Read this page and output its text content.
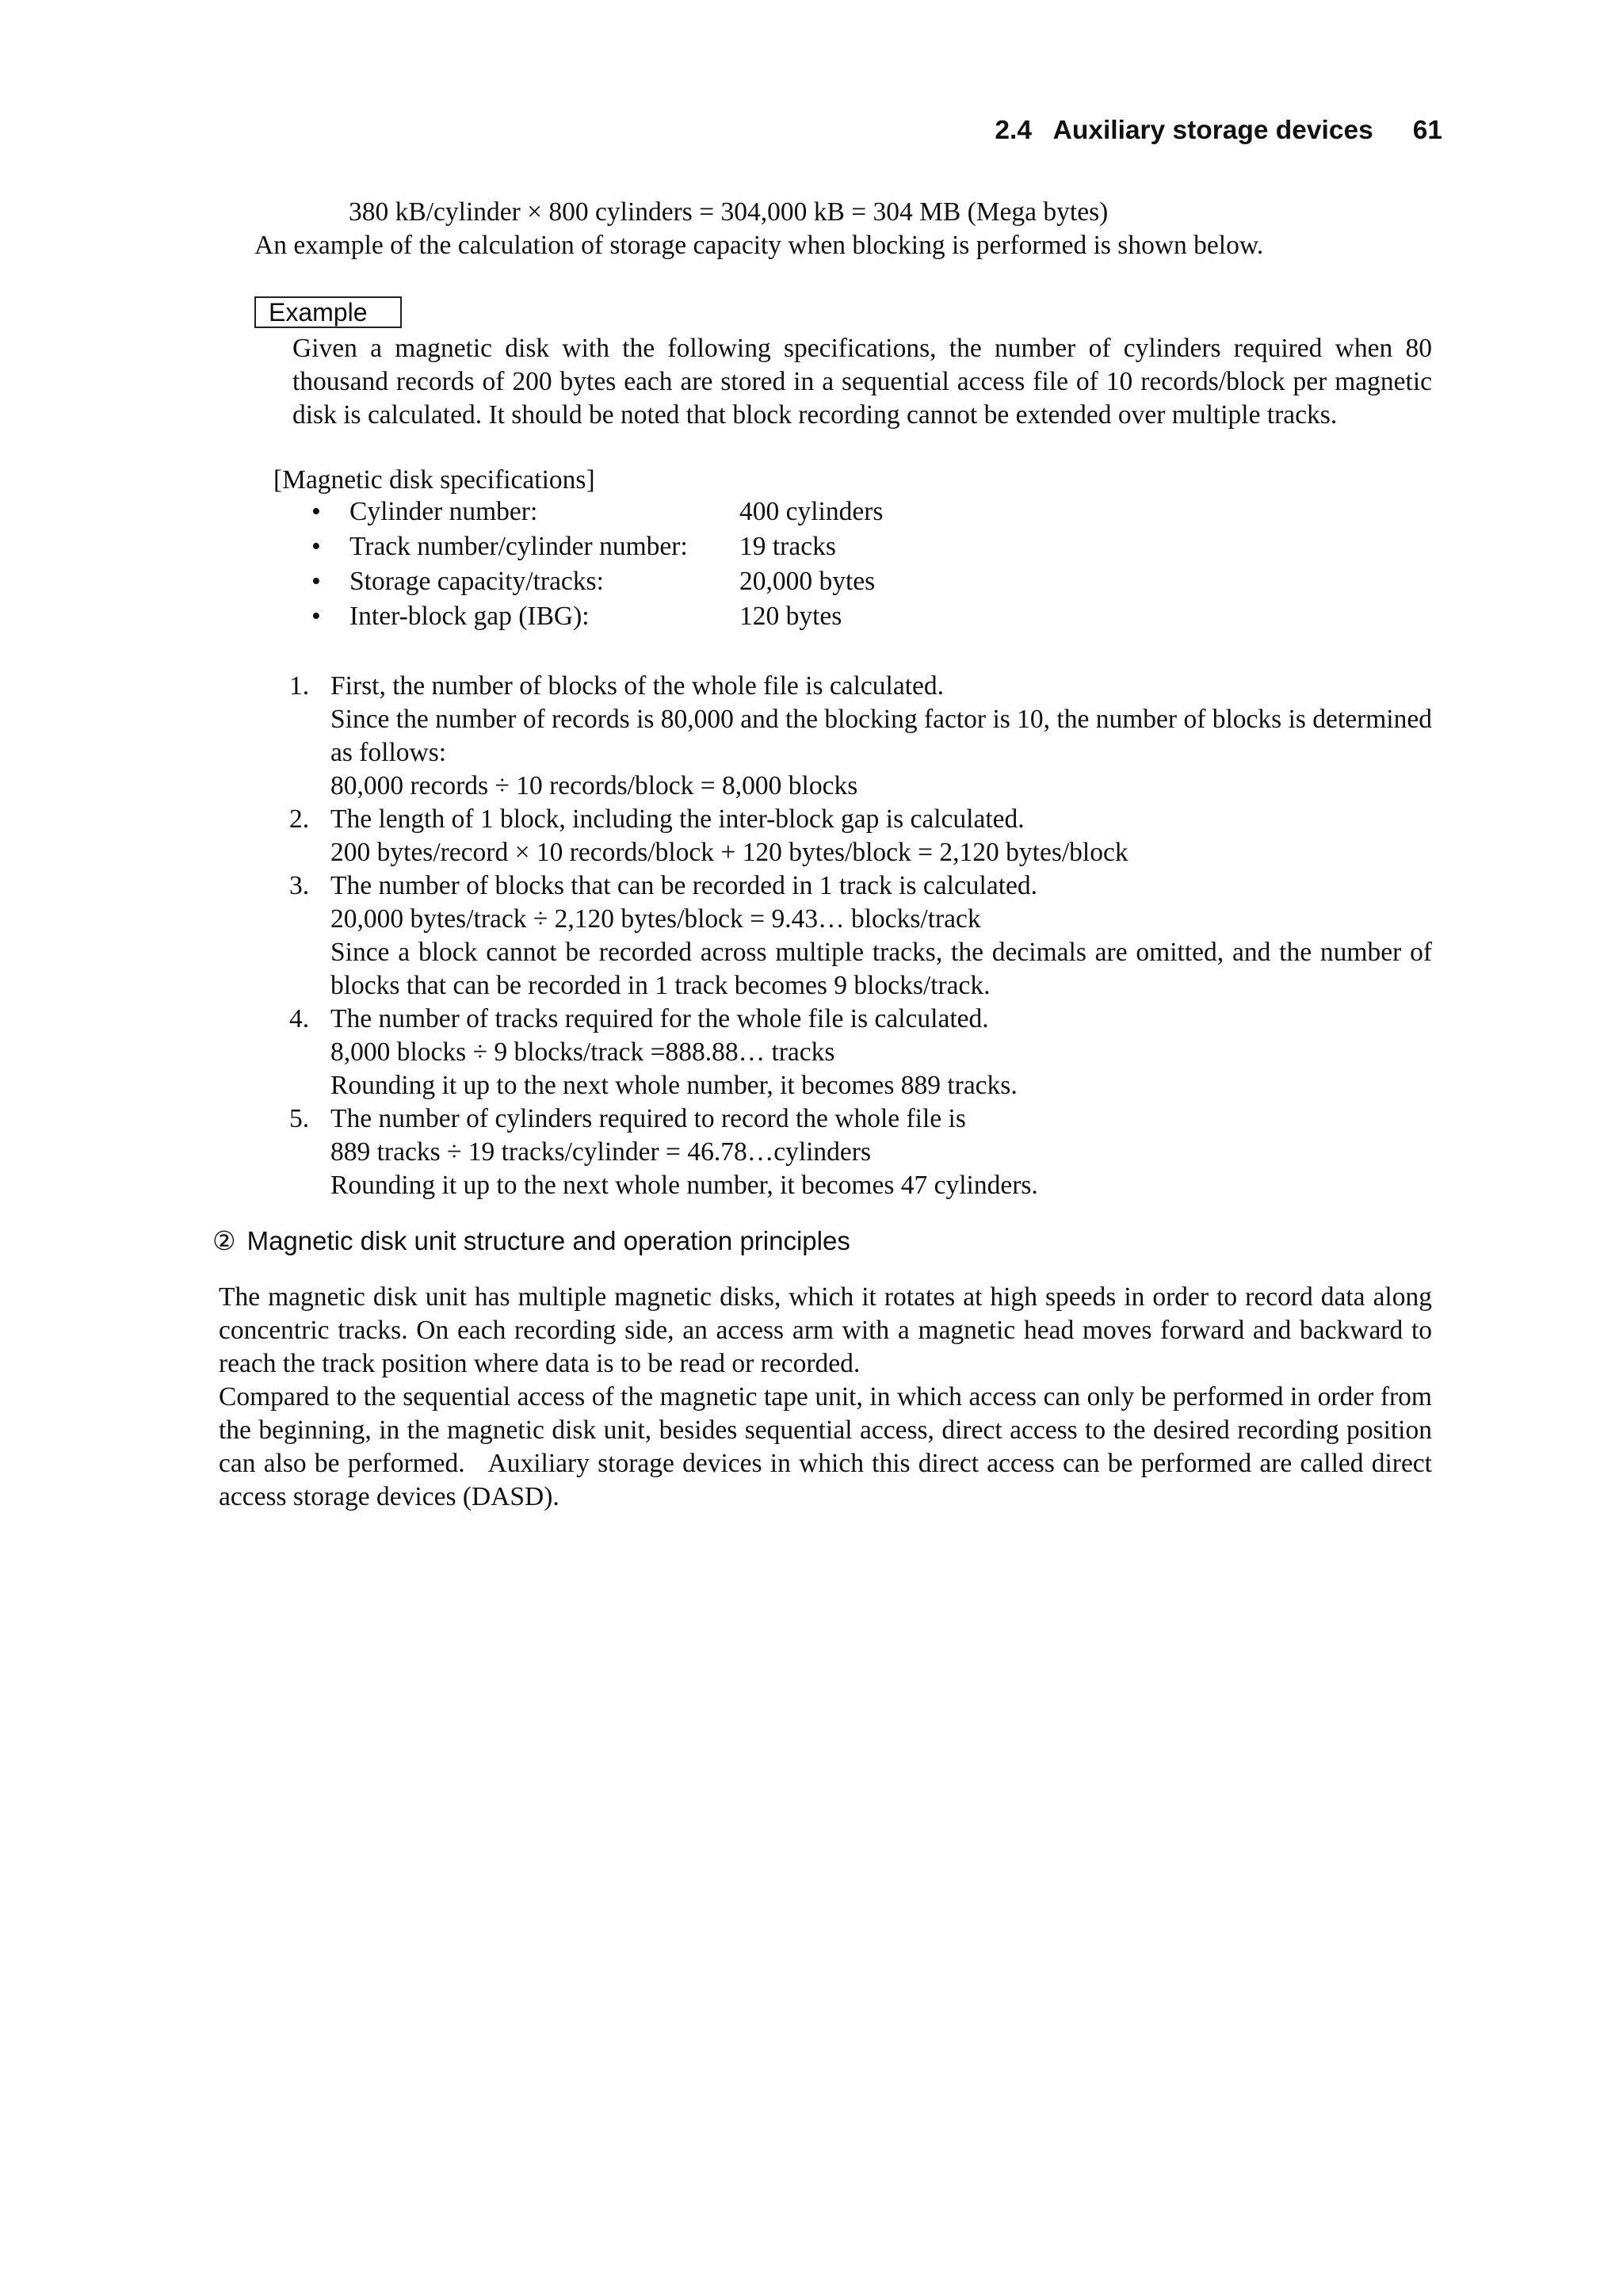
2.4   Auxiliary storage devices 61
380 kB/cylinder × 800 cylinders = 304,000 kB = 304 MB (Mega bytes)
An example of the calculation of storage capacity when blocking is performed is shown below.
Example
Given a magnetic disk with the following specifications, the number of cylinders required when 80 thousand records of 200 bytes each are stored in a sequential access file of 10 records/block per magnetic disk is calculated. It should be noted that block recording cannot be extended over multiple tracks.
[Magnetic disk specifications]
• Cylinder number:	400 cylinders
• Track number/cylinder number: 19 tracks
• Storage capacity/tracks:	20,000 bytes
• Inter-block gap (IBG):	120 bytes
1. First, the number of blocks of the whole file is calculated.

Since the number of records is 80,000 and the blocking factor is 10, the number of blocks is determined as follows:

80,000 records ÷ 10 records/block = 8,000 blocks

2. The length of 1 block, including the inter-block gap is calculated.

200 bytes/record × 10 records/block + 120 bytes/block = 2,120 bytes/block

3. The number of blocks that can be recorded in 1 track is calculated.

20,000 bytes/track ÷ 2,120 bytes/block = 9.43… blocks/track

Since a block cannot be recorded across multiple tracks, the decimals are omitted, and the number of blocks that can be recorded in 1 track becomes 9 blocks/track.

4. The number of tracks required for the whole file is calculated.

8,000 blocks ÷ 9 blocks/track =888.88… tracks

Rounding it up to the next whole number, it becomes 889 tracks.

5. The number of cylinders required to record the whole file is

889 tracks ÷ 19 tracks/cylinder = 46.78…cylinders

Rounding it up to the next whole number, it becomes 47 cylinders.

② Magnetic disk unit structure and operation principles

The magnetic disk unit has multiple magnetic disks, which it rotates at high speeds in order to record data along concentric tracks. On each recording side, an access arm with a magnetic head moves forward and backward to reach the track position where data is to be read or recorded.

Compared to the sequential access of the magnetic tape unit, in which access can only be performed in order from the beginning, in the magnetic disk unit, besides sequential access, direct access to the desired recording position can also be performed.   Auxiliary storage devices in which this direct access can be performed are called direct access storage devices (DASD).
